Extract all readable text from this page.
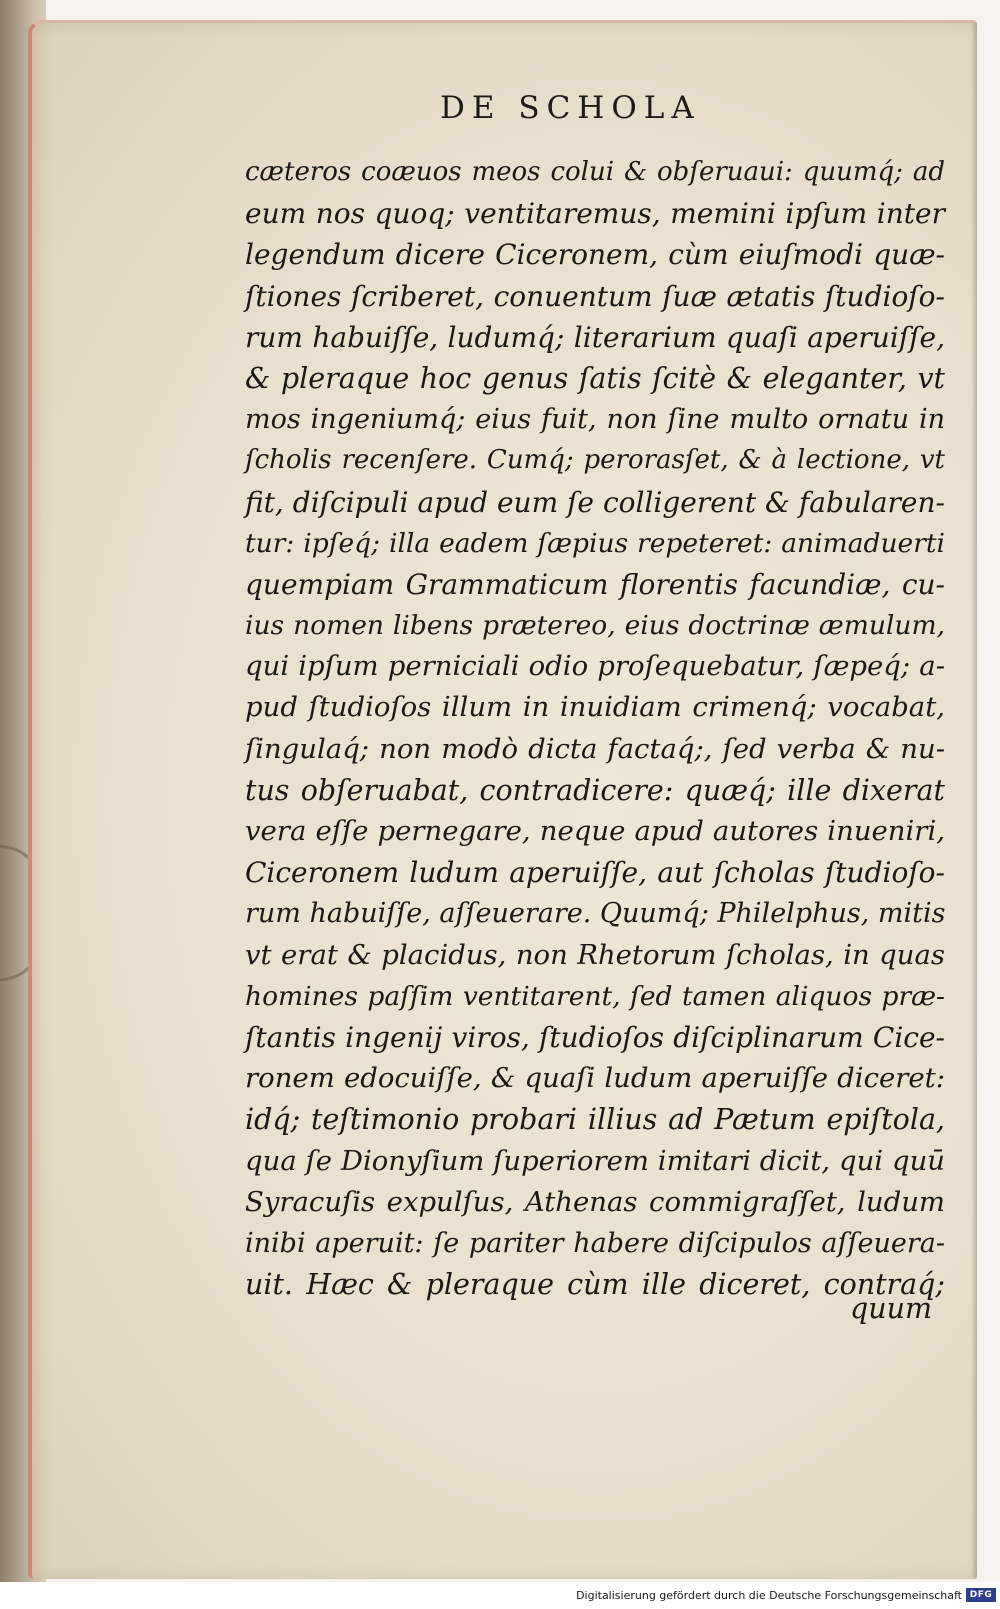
DE SCHOLA
cæteros coæuos meos colui & obſeruaui: quumq́; ad
eum nos quoq; ventitaremus, memini ipſum inter
legendum dicere Ciceronem, cùm eiuſmodi quæ-
ſtiones ſcriberet, conuentum ſuæ ætatis ſtudioſo-
rum habuiſſe, ludumq́; literarium quaſi aperuiſſe,
& pleraque hoc genus ſatis ſcitè & eleganter, vt
mos ingeniumq́; eius fuit, non ſine multo ornatu in
ſcholis recenſere. Cumq́; perorasſet, & à lectione, vt
fit, diſcipuli apud eum ſe colligerent & fabularen-
tur: ipſeq́; illa eadem ſæpius repeteret: animaduerti
quempiam Grammaticum florentis facundiæ, cu-
ius nomen libens prætereo, eius doctrinæ æmulum,
qui ipſum perniciali odio proſequebatur, ſæpeq́; a-
pud ſtudioſos illum in inuidiam crimenq́; vocabat,
ſingulaq́; non modò dicta factaq́;, ſed verba & nu-
tus obſeruabat, contradicere: quæq́; ille dixerat
vera eſſe pernegare, neque apud autores inueniri,
Ciceronem ludum aperuiſſe, aut ſcholas ſtudioſo-
rum habuiſſe, aſſeuerare. Quumq́; Philelphus, mitis
vt erat & placidus, non Rhetorum ſcholas, in quas
homines paſſim ventitarent, ſed tamen aliquos præ-
ſtantis ingenij viros, ſtudioſos diſciplinarum Cice-
ronem edocuiſſe, & quaſi ludum aperuiſſe diceret:
idq́; teſtimonio probari illius ad Pætum epiſtola,
qua ſe Dionyſium ſuperiorem imitari dicit, qui quū
Syracuſis expulſus, Athenas commigraſſet, ludum
inibi aperuit: ſe pariter habere diſcipulos aſſeuera-
uit. Hæc & pleraque cùm ille diceret, contraq́;
quum
Digitalisierung gefördert durch die Deutsche Forschungsgemeinschaft DFG
